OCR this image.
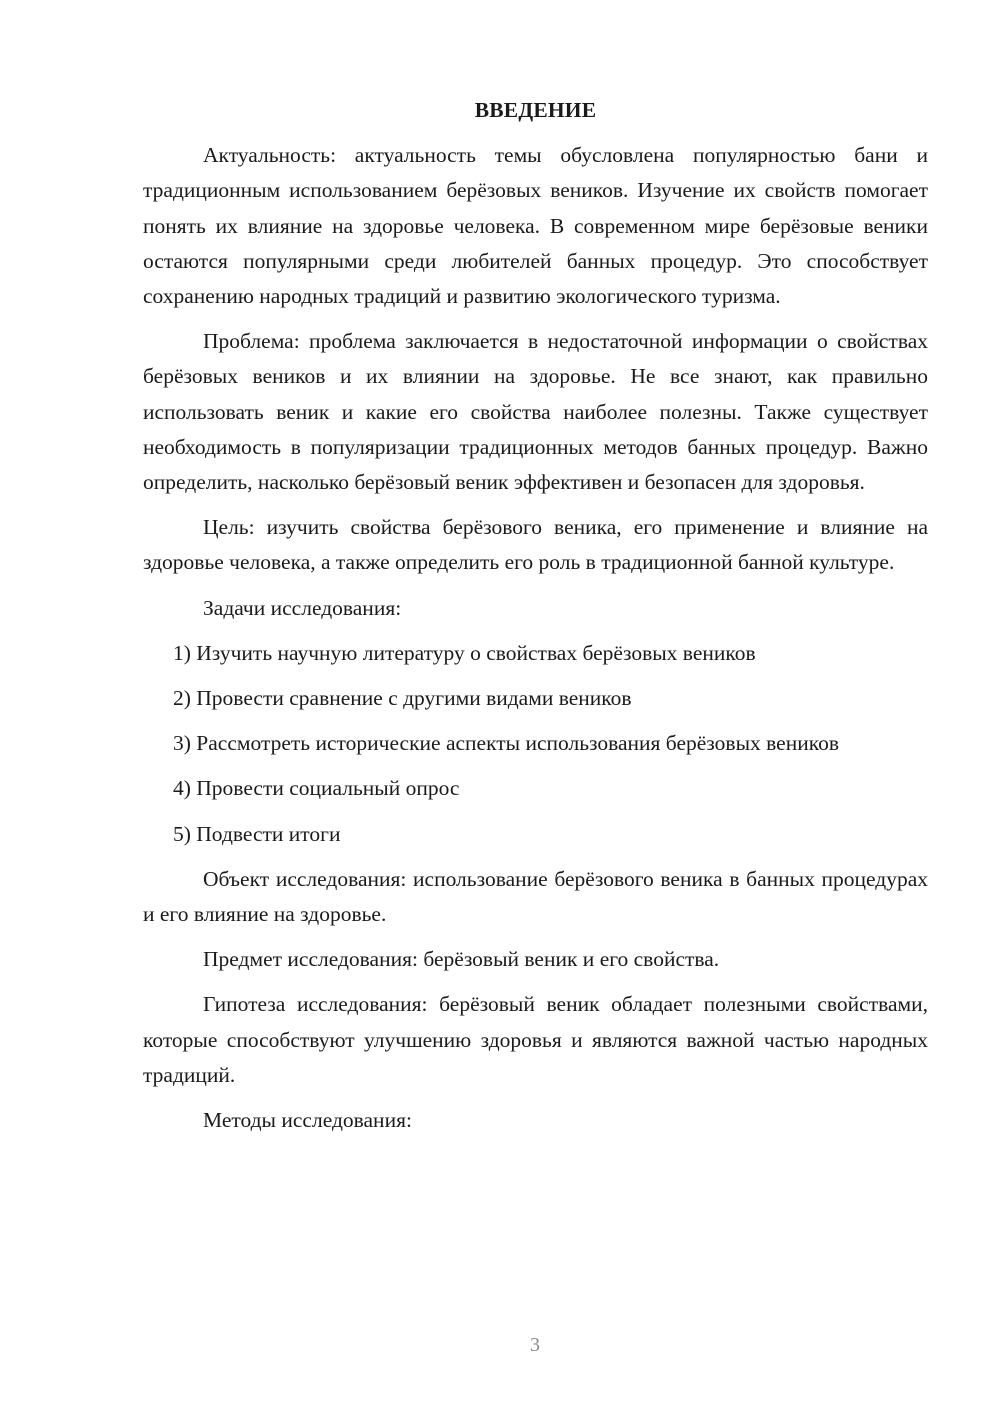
ВВЕДЕНИЕ

Актуальность: актуальность темы обусловлена популярностью бани и традиционным использованием берёзовых веников. Изучение их свойств помогает понять их влияние на здоровье человека. В современном мире берёзовые веники остаются популярными среди любителей банных процедур. Это способствует сохранению народных традиций и развитию экологического туризма.

Проблема: проблема заключается в недостаточной информации о свойствах берёзовых веников и их влиянии на здоровье. Не все знают, как правильно использовать веник и какие его свойства наиболее полезны. Также существует необходимость в популяризации традиционных методов банных процедур. Важно определить, насколько берёзовый веник эффективен и безопасен для здоровья.

Цель: изучить свойства берёзового веника, его применение и влияние на здоровье человека, а также определить его роль в традиционной банной культуре.

Задачи исследования:

1) Изучить научную литературу о свойствах берёзовых веников

2) Провести сравнение с другими видами веников

3) Рассмотреть исторические аспекты использования берёзовых веников

4) Провести социальный опрос

5) Подвести итоги

Объект исследования: использование берёзового веника в банных процедурах и его влияние на здоровье.

Предмет исследования: берёзовый веник и его свойства.

Гипотеза исследования: берёзовый веник обладает полезными свойствами, которые способствуют улучшению здоровья и являются важной частью народных традиций.

Методы исследования:

3
